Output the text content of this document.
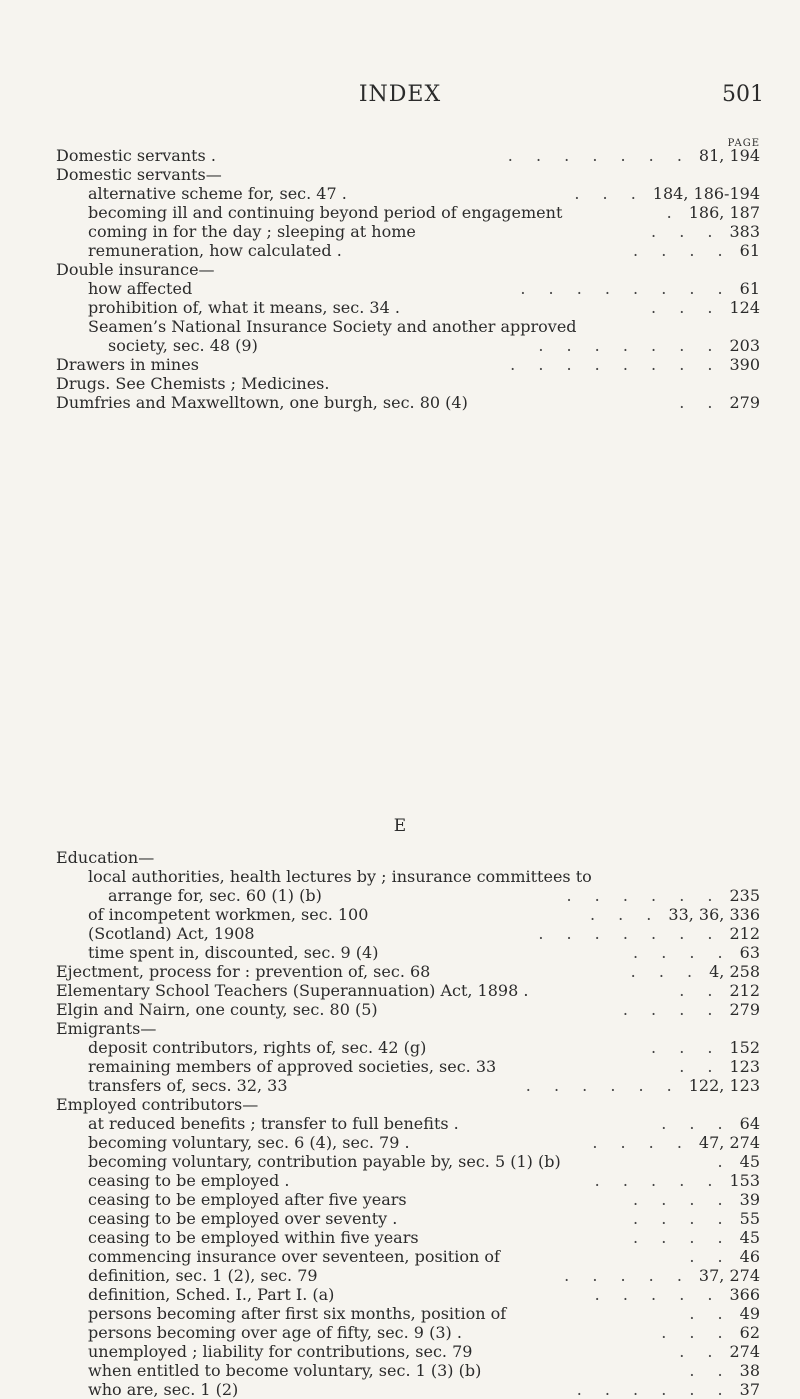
INDEX	501
PAGE
Domestic servants .	. . . . . . . 81, 194
Domestic servants—
alternative scheme for, sec. 47 .	. . . 184, 186-194
becoming ill and continuing beyond period of engagement	. 186, 187
coming in for the day ; sleeping at home	. . . 383
remuneration, how calculated .	. . . . 61
Double insurance—
how affected	. . . . . . . . 61
prohibition of, what it means, sec. 34 .	. . . 124
Seamen’s National Insurance Society and another approved
society, sec. 48 (9)	. . . . . . . 203
Drawers in mines	. . . . . . . . 390
Drugs. See Chemists ; Medicines.
Dumfries and Maxwelltown, one burgh, sec. 80 (4)	. . 279
E
Education—
local authorities, health lectures by ; insurance committees to
arrange for, sec. 60 (1) (b)	. . . . . . 235
of incompetent workmen, sec. 100	. . . 33, 36, 336
(Scotland) Act, 1908	. . . . . . . 212
time spent in, discounted, sec. 9 (4)	. . . . 63
Ejectment, process for : prevention of, sec. 68	. . . 4, 258
Elementary School Teachers (Superannuation) Act, 1898 .	. . 212
Elgin and Nairn, one county, sec. 80 (5)	. . . . 279
Emigrants—
deposit contributors, rights of, sec. 42 (g)	. . . 152
remaining members of approved societies, sec. 33	. . 123
transfers of, secs. 32, 33	. . . . . . 122, 123
Employed contributors—
at reduced benefits ; transfer to full benefits .	. . . 64
becoming voluntary, sec. 6 (4), sec. 79 .	. . . . 47, 274
becoming voluntary, contribution payable by, sec. 5 (1) (b)	. 45
ceasing to be employed .	. . . . . 153
ceasing to be employed after five years	. . . . 39
ceasing to be employed over seventy .	. . . . 55
ceasing to be employed within five years	. . . . 45
commencing insurance over seventeen, position of	. . 46
definition, sec. 1 (2), sec. 79	. . . . . 37, 274
definition, Sched. I., Part I. (a)	. . . . . 366
persons becoming after first six months, position of	. . 49
persons becoming over age of fifty, sec. 9 (3) .	. . . 62
unemployed ; liability for contributions, sec. 79	. . 274
when entitled to become voluntary, sec. 1 (3) (b)	. . 38
who are, sec. 1 (2)	. . . . . . 37
